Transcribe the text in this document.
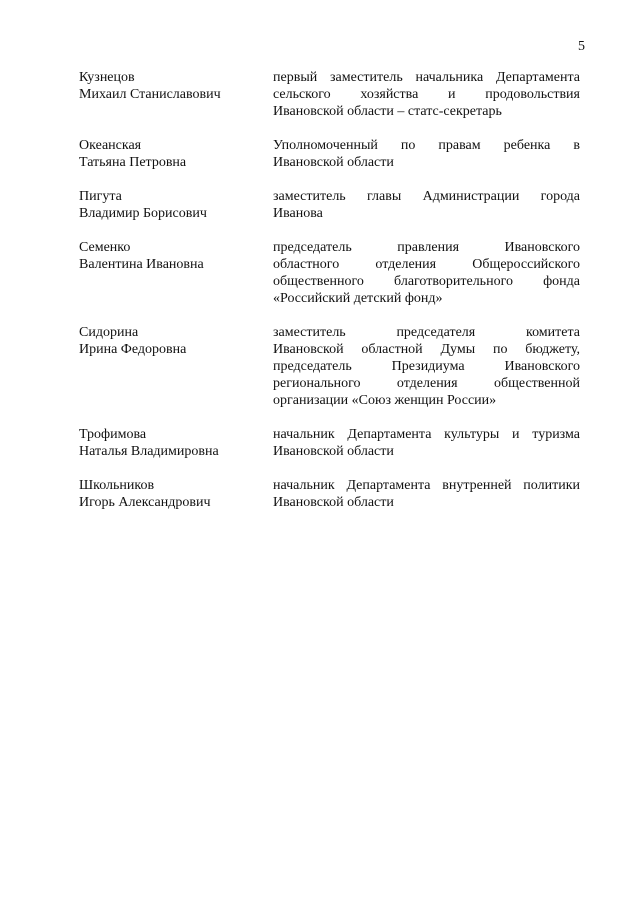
5
Кузнецов
Михаил Станиславович
первый заместитель начальника Департамента
сельского хозяйства и продовольствия
Ивановской области – статс-секретарь
Океанская
Татьяна Петровна
Уполномоченный по правам ребенка в
Ивановской области
Пигута
Владимир Борисович
заместитель главы Администрации города
Иванова
Семенко
Валентина Ивановна
председатель правления Ивановского
областного отделения Общероссийского
общественного благотворительного фонда
«Российский детский фонд»
Сидорина
Ирина Федоровна
заместитель председателя комитета
Ивановской областной Думы по бюджету,
председатель Президиума Ивановского
регионального отделения общественной
организации «Союз женщин России»
Трофимова
Наталья Владимировна
начальник Департамента культуры и туризма
Ивановской области
Школьников
Игорь Александрович
начальник Департамента внутренней политики
Ивановской области
